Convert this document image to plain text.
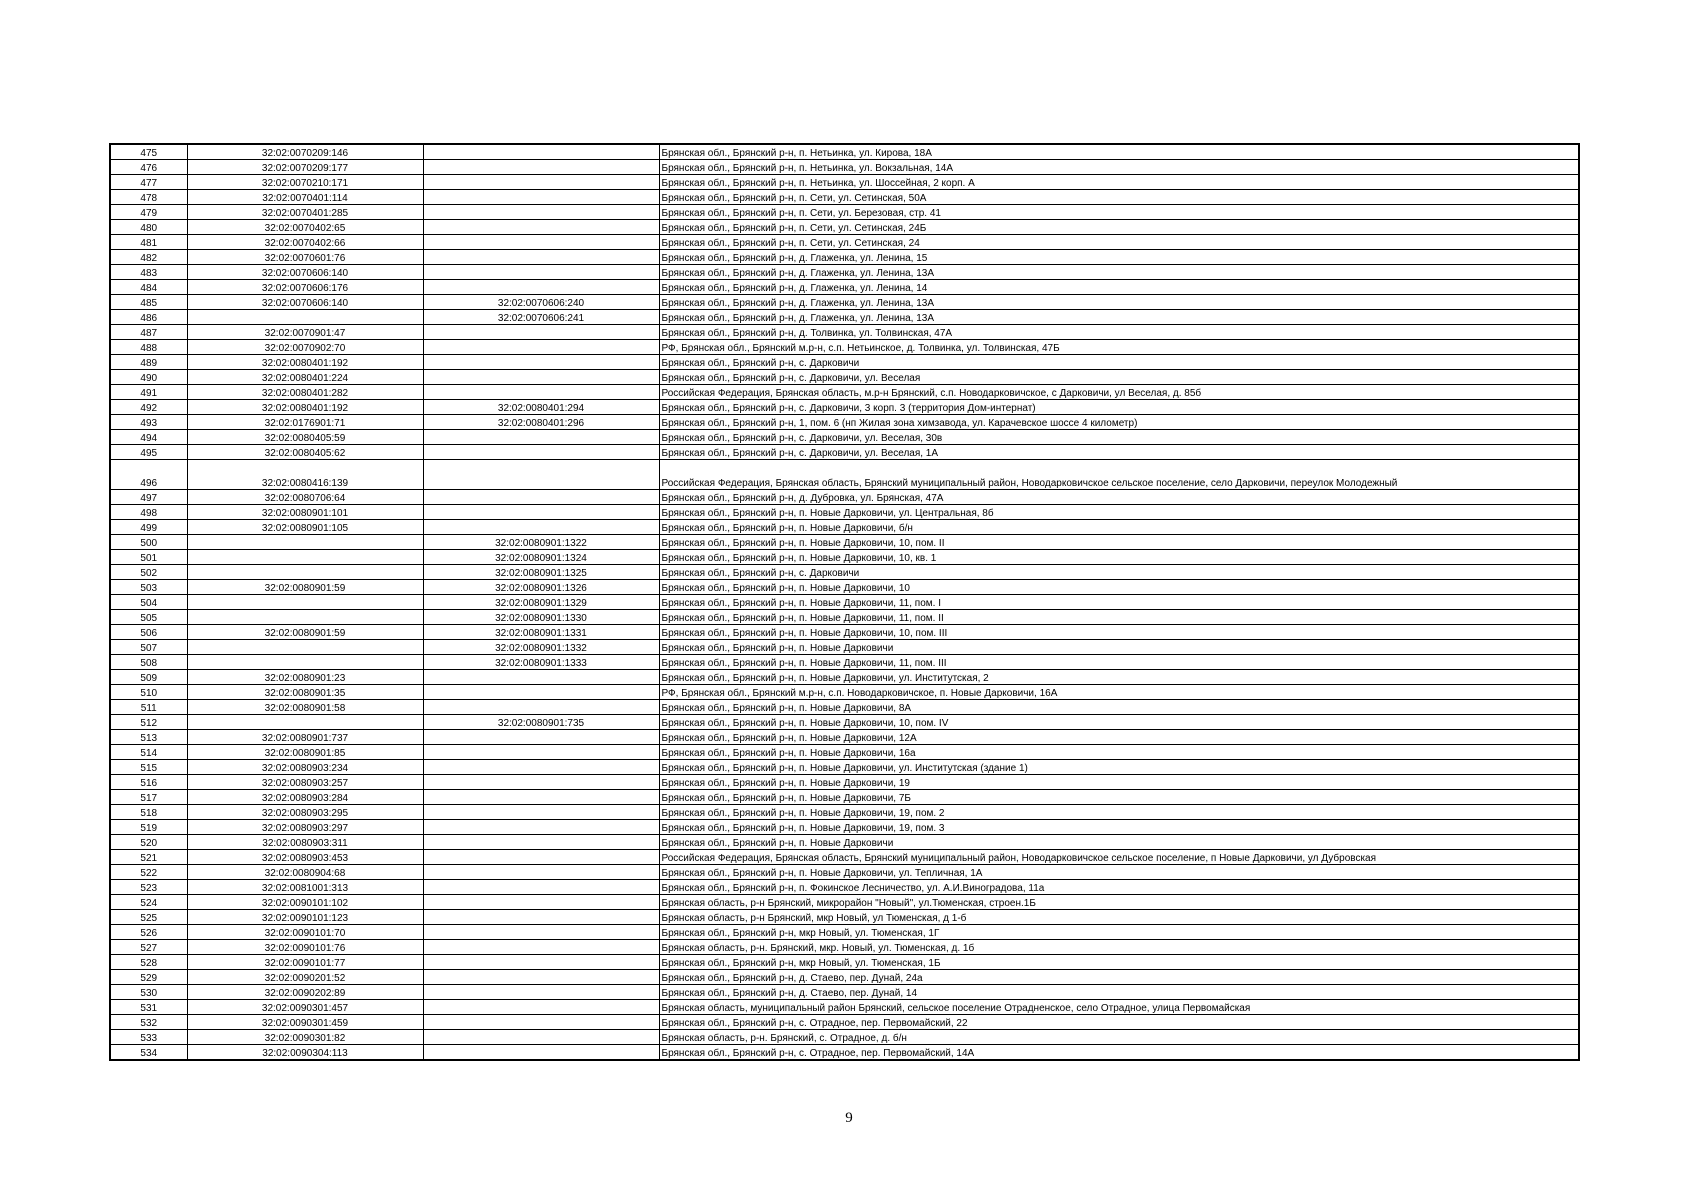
475	32:02:0070209:146		Брянская обл., Брянский р-н, п. Нетьинка, ул. Кирова, 18А
476	32:02:0070209:177		Брянская обл., Брянский р-н, п. Нетьинка, ул. Вокзальная, 14А
477	32:02:0070210:171		Брянская обл., Брянский р-н, п. Нетьинка, ул. Шоссейная, 2 корп. А
478	32:02:0070401:114		Брянская обл., Брянский р-н, п. Сети, ул. Сетинская, 50А
479	32:02:0070401:285		Брянская обл., Брянский р-н, п. Сети, ул. Березовая, стр. 41
480	32:02:0070402:65		Брянская обл., Брянский р-н, п. Сети, ул. Сетинская, 24Б
481	32:02:0070402:66		Брянская обл., Брянский р-н, п. Сети, ул. Сетинская, 24
482	32:02:0070601:76		Брянская обл., Брянский р-н, д. Глаженка, ул. Ленина, 15
483	32:02:0070606:140		Брянская обл., Брянский р-н, д. Глаженка, ул. Ленина, 13А
484	32:02:0070606:176		Брянская обл., Брянский р-н, д. Глаженка, ул. Ленина, 14
485	32:02:0070606:140	32:02:0070606:240	Брянская обл., Брянский р-н, д. Глаженка, ул. Ленина, 13А
486		32:02:0070606:241	Брянская обл., Брянский р-н, д. Глаженка, ул. Ленина, 13А
487	32:02:0070901:47		Брянская обл., Брянский р-н, д. Толвинка, ул. Толвинская, 47А
488	32:02:0070902:70		РФ, Брянская обл., Брянский м.р-н, с.п. Нетьинское, д. Толвинка, ул. Толвинская, 47Б
489	32:02:0080401:192		Брянская обл., Брянский р-н, с. Дарковичи
490	32:02:0080401:224		Брянская обл., Брянский р-н, с. Дарковичи, ул. Веселая
491	32:02:0080401:282		Российская Федерация, Брянская область, м.р-н Брянский, с.п. Новодарковичское, с Дарковичи, ул Веселая, д. 85б
492	32:02:0080401:192	32:02:0080401:294	Брянская обл., Брянский р-н, с. Дарковичи, 3 корп. 3 (территория Дом-интернат)
493	32:02:0176901:71	32:02:0080401:296	Брянская обл., Брянский р-н, 1, пом. 6 (нп Жилая зона химзавода, ул. Карачевское шоссе 4 километр)
494	32:02:0080405:59		Брянская обл., Брянский р-н, с. Дарковичи, ул. Веселая, 30в
495	32:02:0080405:62		Брянская обл., Брянский р-н, с. Дарковичи, ул. Веселая, 1А
496	32:02:0080416:139		Российская Федерация, Брянская область, Брянский муниципальный район, Новодарковичское сельское поселение, село Дарковичи, переулок Молодежный
497	32:02:0080706:64		Брянская обл., Брянский р-н, д. Дубровка, ул. Брянская, 47А
498	32:02:0080901:101		Брянская обл., Брянский р-н, п. Новые Дарковичи, ул. Центральная, 8б
499	32:02:0080901:105		Брянская обл., Брянский р-н, п. Новые Дарковичи, б/н
500		32:02:0080901:1322	Брянская обл., Брянский р-н, п. Новые Дарковичи, 10, пом. II
501		32:02:0080901:1324	Брянская обл., Брянский р-н, п. Новые Дарковичи, 10, кв. 1
502		32:02:0080901:1325	Брянская обл., Брянский р-н, с. Дарковичи
503	32:02:0080901:59	32:02:0080901:1326	Брянская обл., Брянский р-н, п. Новые Дарковичи, 10
504		32:02:0080901:1329	Брянская обл., Брянский р-н, п. Новые Дарковичи, 11, пом. I
505		32:02:0080901:1330	Брянская обл., Брянский р-н, п. Новые Дарковичи, 11, пом. II
506	32:02:0080901:59	32:02:0080901:1331	Брянская обл., Брянский р-н, п. Новые Дарковичи, 10, пом. III
507		32:02:0080901:1332	Брянская обл., Брянский р-н, п. Новые Дарковичи
508		32:02:0080901:1333	Брянская обл., Брянский р-н, п. Новые Дарковичи, 11, пом. III
509	32:02:0080901:23		Брянская обл., Брянский р-н, п. Новые Дарковичи, ул. Институтская, 2
510	32:02:0080901:35		РФ, Брянская обл., Брянский м.р-н, с.п. Новодарковичское, п. Новые Дарковичи, 16А
511	32:02:0080901:58		Брянская обл., Брянский р-н, п. Новые Дарковичи, 8А
512		32:02:0080901:735	Брянская обл., Брянский р-н, п. Новые Дарковичи, 10, пом. IV
513	32:02:0080901:737		Брянская обл., Брянский р-н, п. Новые Дарковичи, 12А
514	32:02:0080901:85		Брянская обл., Брянский р-н, п. Новые Дарковичи, 16а
515	32:02:0080903:234		Брянская обл., Брянский р-н, п. Новые Дарковичи, ул. Институтская (здание 1)
516	32:02:0080903:257		Брянская обл., Брянский р-н, п. Новые Дарковичи, 19
517	32:02:0080903:284		Брянская обл., Брянский р-н, п. Новые Дарковичи, 7Б
518	32:02:0080903:295		Брянская обл., Брянский р-н, п. Новые Дарковичи, 19, пом. 2
519	32:02:0080903:297		Брянская обл., Брянский р-н, п. Новые Дарковичи, 19, пом. 3
520	32:02:0080903:311		Брянская обл., Брянский р-н, п. Новые Дарковичи
521	32:02:0080903:453		Российская Федерация, Брянская область, Брянский муниципальный район, Новодарковичское сельское поселение, п Новые Дарковичи, ул Дубровская
522	32:02:0080904:68		Брянская обл., Брянский р-н, п. Новые Дарковичи, ул. Тепличная, 1А
523	32:02:0081001:313		Брянская обл., Брянский р-н, п. Фокинское Лесничество, ул. А.И.Виноградова, 11а
524	32:02:0090101:102		Брянская область, р-н Брянский, микрорайон "Новый", ул.Тюменская, строен.1Б
525	32:02:0090101:123		Брянская область, р-н Брянский, мкр Новый, ул Тюменская, д 1-б
526	32:02:0090101:70		Брянская обл., Брянский р-н, мкр Новый, ул. Тюменская, 1Г
527	32:02:0090101:76		Брянская область, р-н. Брянский, мкр. Новый, ул. Тюменская, д. 1б
528	32:02:0090101:77		Брянская обл., Брянский р-н, мкр Новый, ул. Тюменская, 1Б
529	32:02:0090201:52		Брянская обл., Брянский р-н, д. Стаево, пер. Дунай, 24а
530	32:02:0090202:89		Брянская обл., Брянский р-н, д. Стаево, пер. Дунай, 14
531	32:02:0090301:457		Брянская область, муниципальный район Брянский, сельское поселение Отрадненское, село Отрадное, улица Первомайская
532	32:02:0090301:459		Брянская обл., Брянский р-н, с. Отрадное, пер. Первомайский, 22
533	32:02:0090301:82		Брянская область, р-н. Брянский, с. Отрадное, д. б/н
534	32:02:0090304:113		Брянская обл., Брянский р-н, с. Отрадное, пер. Первомайский, 14А
9
